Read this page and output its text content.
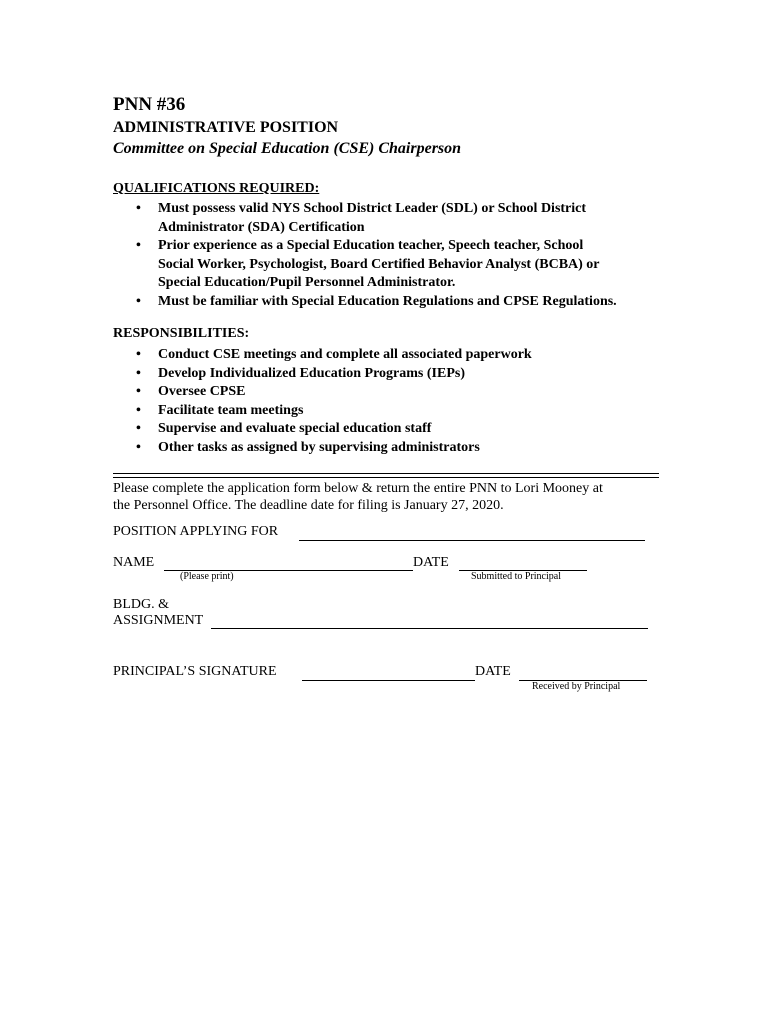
PNN #36
ADMINISTRATIVE POSITION
Committee on Special Education (CSE) Chairperson
QUALIFICATIONS REQUIRED:
• Must possess valid NYS School District Leader (SDL) or School District
Administrator (SDA) Certification
• Prior experience as a Special Education teacher, Speech teacher, School
Social Worker, Psychologist, Board Certified Behavior Analyst (BCBA) or
Special Education/Pupil Personnel Administrator.
• Must be familiar with Special Education Regulations and CPSE Regulations.
RESPONSIBILITIES:
• Conduct CSE meetings and complete all associated paperwork
• Develop Individualized Education Programs (IEPs)
• Oversee CPSE
• Facilitate team meetings
• Supervise and evaluate special education staff
• Other tasks as assigned by supervising administrators
Please complete the application form below & return the entire PNN to Lori Mooney at
the Personnel Office. The deadline date for filing is January 27, 2020.
POSITION APPLYING FOR
NAME
(Please print)
DATE
Submitted to Principal
BLDG. &
ASSIGNMENT
PRINCIPAL’S SIGNATURE	DATE
Received by Principal
